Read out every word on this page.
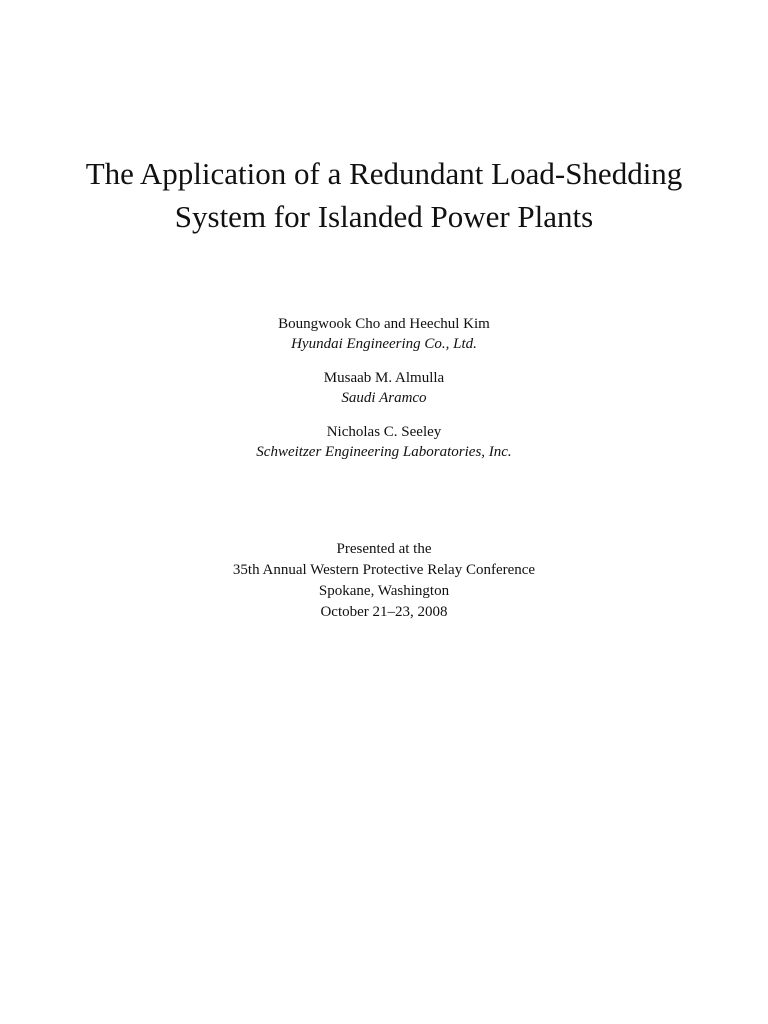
The Application of a Redundant Load-Shedding
System for Islanded Power Plants
Boungwook Cho and Heechul Kim
Hyundai Engineering Co., Ltd.
Musaab M. Almulla
Saudi Aramco
Nicholas C. Seeley
Schweitzer Engineering Laboratories, Inc.
Presented at the
35th Annual Western Protective Relay Conference
Spokane, Washington
October 21–23, 2008
